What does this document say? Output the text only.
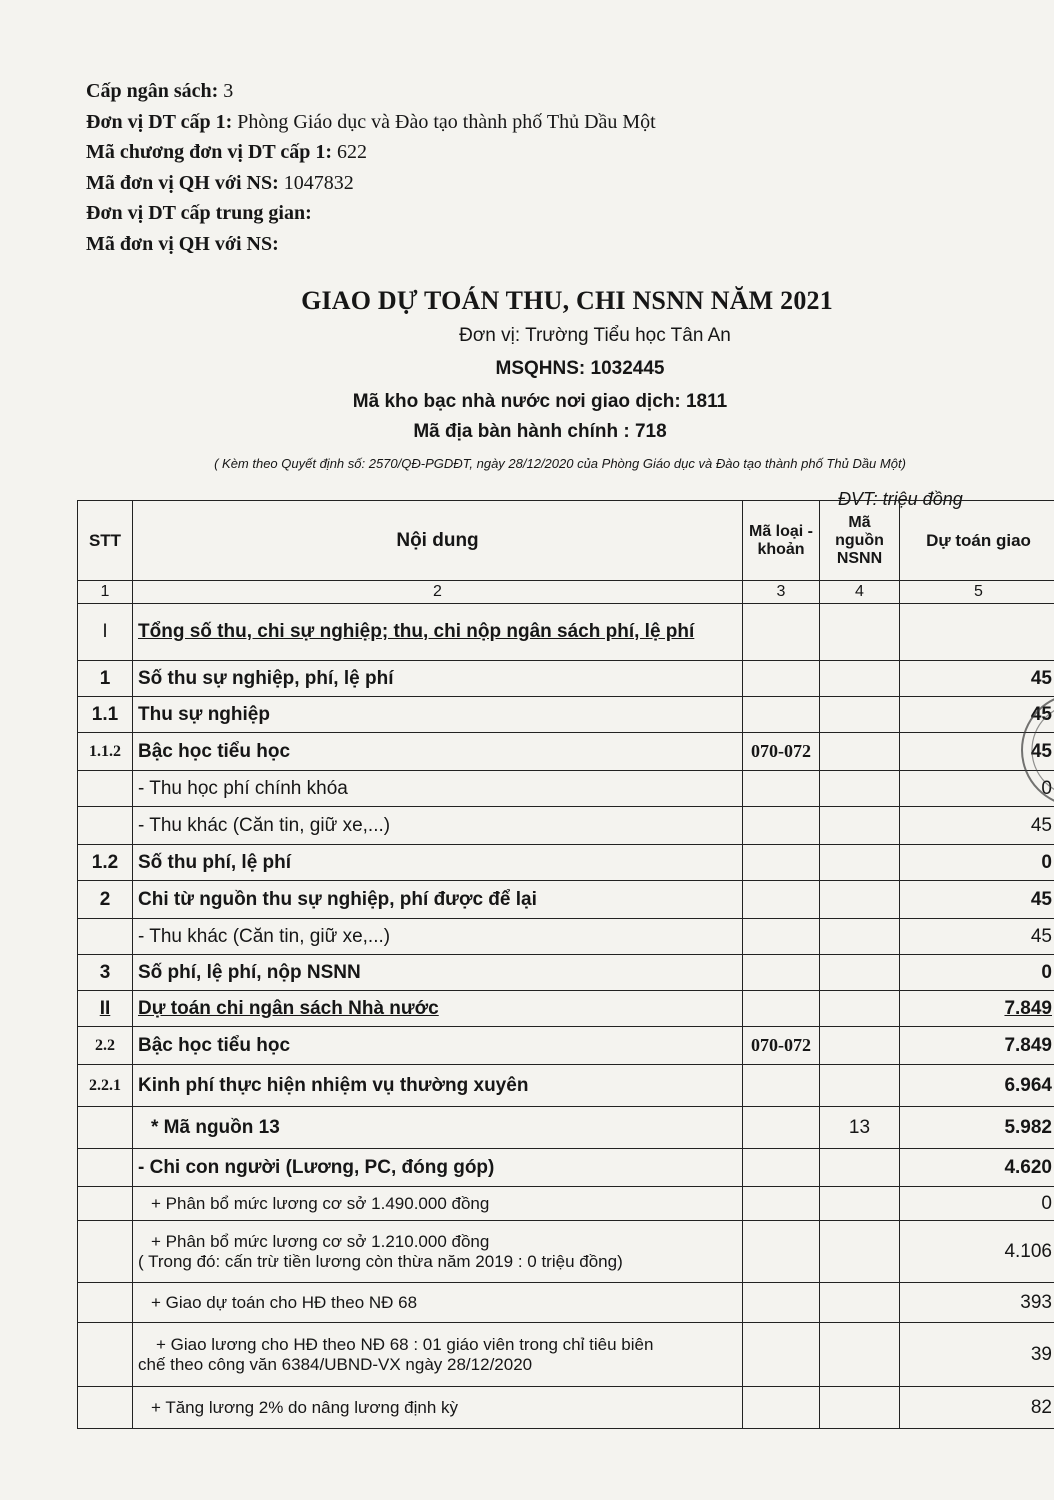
Cấp ngân sách: 3
Đơn vị DT cấp 1: Phòng Giáo dục và Đào tạo thành phố Thủ Dầu Một
Mã chương đơn vị DT cấp 1: 622
Mã đơn vị QH với NS: 1047832
Đơn vị DT cấp trung gian:
Mã đơn vị QH với NS:
GIAO DỰ TOÁN THU, CHI NSNN NĂM 2021
Đơn vị: Trường Tiểu học Tân An
MSQHNS: 1032445
Mã kho bạc nhà nước nơi giao dịch: 1811
Mã địa bàn hành chính : 718
( Kèm theo Quyết định số: 2570/QĐ-PGDĐT, ngày 28/12/2020 của Phòng Giáo dục và Đào tạo thành phố Thủ Dầu Một)
ĐVT: triệu đồng
STT	Nội dung	Mã loại - khoản	Mã nguồn NSNN	Dự toán giao
1	2	3	4	5
I	Tổng số thu, chi sự nghiệp; thu, chi nộp ngân sách phí, lệ phí			
1	Số thu sự nghiệp, phí, lệ phí			45
1.1	Thu sự nghiệp			45
1.1.2	Bậc học tiểu học	070-072		45
	- Thu học phí chính khóa			0
	- Thu khác (Căn tin, giữ xe,...)			45
1.2	Số thu phí, lệ phí			0
2	Chi từ nguồn thu sự nghiệp, phí được để lại			45
	- Thu khác (Căn tin, giữ xe,...)			45
3	Số phí, lệ phí, nộp NSNN			0
II	Dự toán chi ngân sách Nhà nước			7.849
2.2	Bậc học tiểu học	070-072		7.849
2.2.1	Kinh phí thực hiện nhiệm vụ thường xuyên			6.964
	* Mã nguồn 13		13	5.982
	- Chi con người (Lương, PC, đóng góp)			4.620
	+ Phân bổ mức lương cơ sở 1.490.000 đồng			0

	+ Phân bổ mức lương cơ sở 1.210.000 đồng
( Trong đó: cấn trừ tiền lương còn thừa năm 2019 : 0 triệu đồng)			4.106
	+ Giao dự toán cho HĐ theo NĐ 68			393

	+ Giao lương cho HĐ theo NĐ 68 : 01 giáo viên trong chỉ tiêu biên
chế theo công văn 6384/UBND-VX ngày 28/12/2020			39
	+ Tăng lương 2% do nâng lương định kỳ			82
